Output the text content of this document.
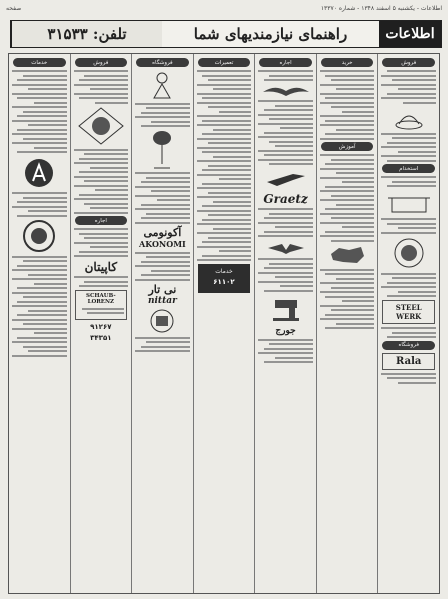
اطلاعات - یکشنبه ۵ اسفند ۱۳۴۸ - شماره ۱۳۳۷۰
صفحه
اطلاعات
راهنمای نیازمندیهای شما
تلفن: ۳۱۵۳۳
فروش
استخدام
STEEL WERK
فروشگاه
Rala
خرید
آموزش
اجاره
Graetz
جورج
تعمیرات
خدمات
۶۱۱۰۲
فروشگاه
آکونومی
AKONOMI
نی تار
nittar
فروش
اجاره
کاپیتان
SCHAUB-LORENZ
۹۱۲۶۷
۳۴۳۵۱
خدمات
